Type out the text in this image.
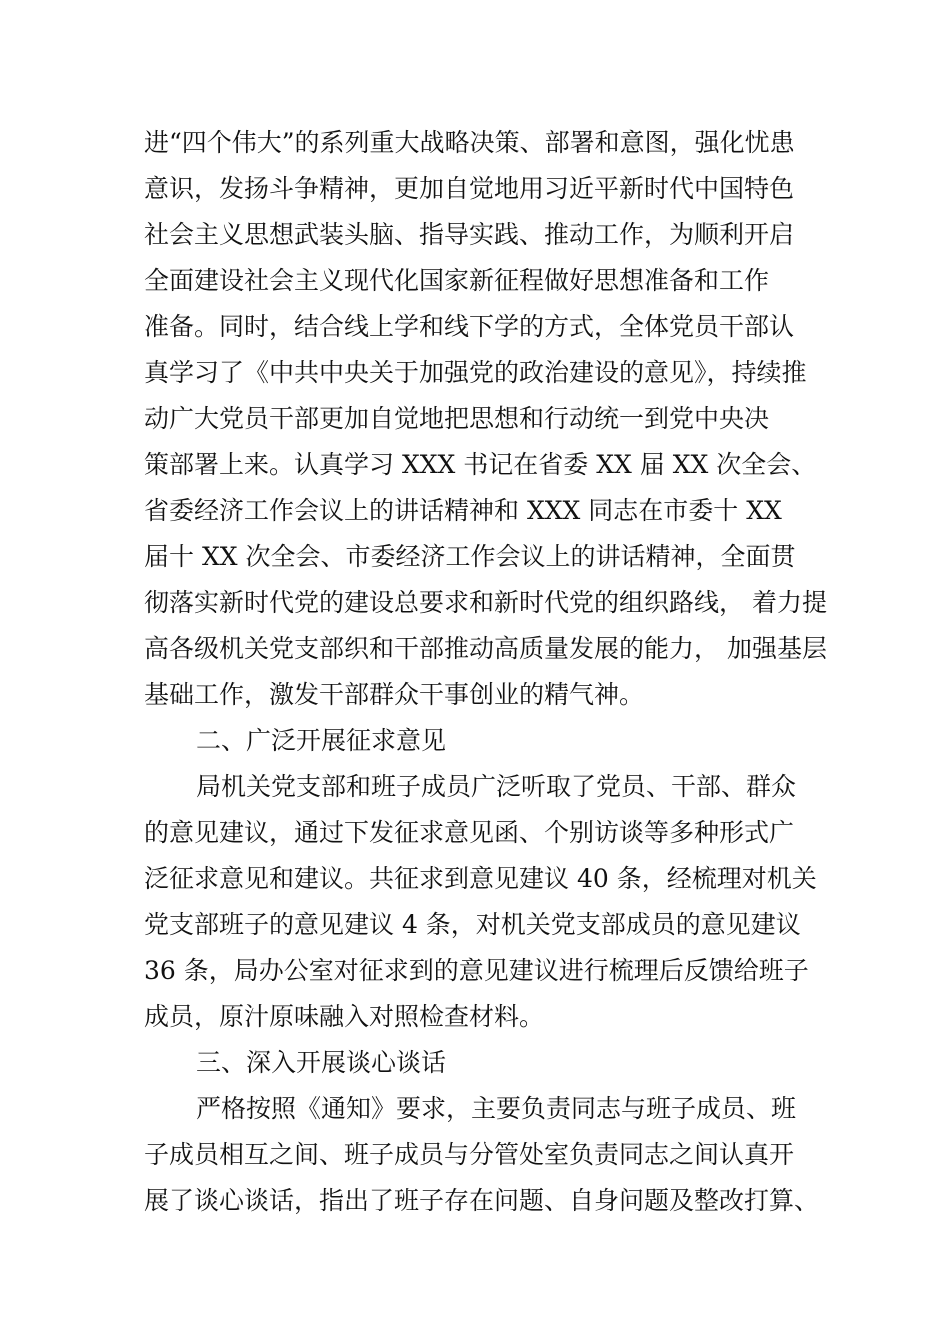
进“四个伟大”的系列重大战略决策、部署和意图，强化忧患
意识，发扬斗争精神，更加自觉地用习近平新时代中国特色
社会主义思想武装头脑、指导实践、推动工作，为顺利开启
全面建设社会主义现代化国家新征程做好思想准备和工作
准备。同时，结合线上学和线下学的方式，全体党员干部认
真学习了《中共中央关于加强党的政治建设的意见》，持续推
动广大党员干部更加自觉地把思想和行动统一到党中央决
策部署上来。认真学习 XXX 书记在省委 XX 届 XX 次全会、
省委经济工作会议上的讲话精神和 XXX 同志在市委十 XX
届十 XX 次全会、市委经济工作会议上的讲话精神，全面贯
彻落实新时代党的建设总要求和新时代党的组织路线， 着力提
高各级机关党支部织和干部推动高质量发展的能力， 加强基层
基础工作，激发干部群众干事创业的精气神。
二、广泛开展征求意见
局机关党支部和班子成员广泛听取了党员、干部、群众
的意见建议，通过下发征求意见函、个别访谈等多种形式广
泛征求意见和建议。共征求到意见建议 40 条，经梳理对机关
党支部班子的意见建议 4 条，对机关党支部成员的意见建议
36 条，局办公室对征求到的意见建议进行梳理后反馈给班子
成员，原汁原味融入对照检查材料。
三、深入开展谈心谈话
严格按照《通知》要求，主要负责同志与班子成员、班
子成员相互之间、班子成员与分管处室负责同志之间认真开
展了谈心谈话，指出了班子存在问题、自身问题及整改打算、
